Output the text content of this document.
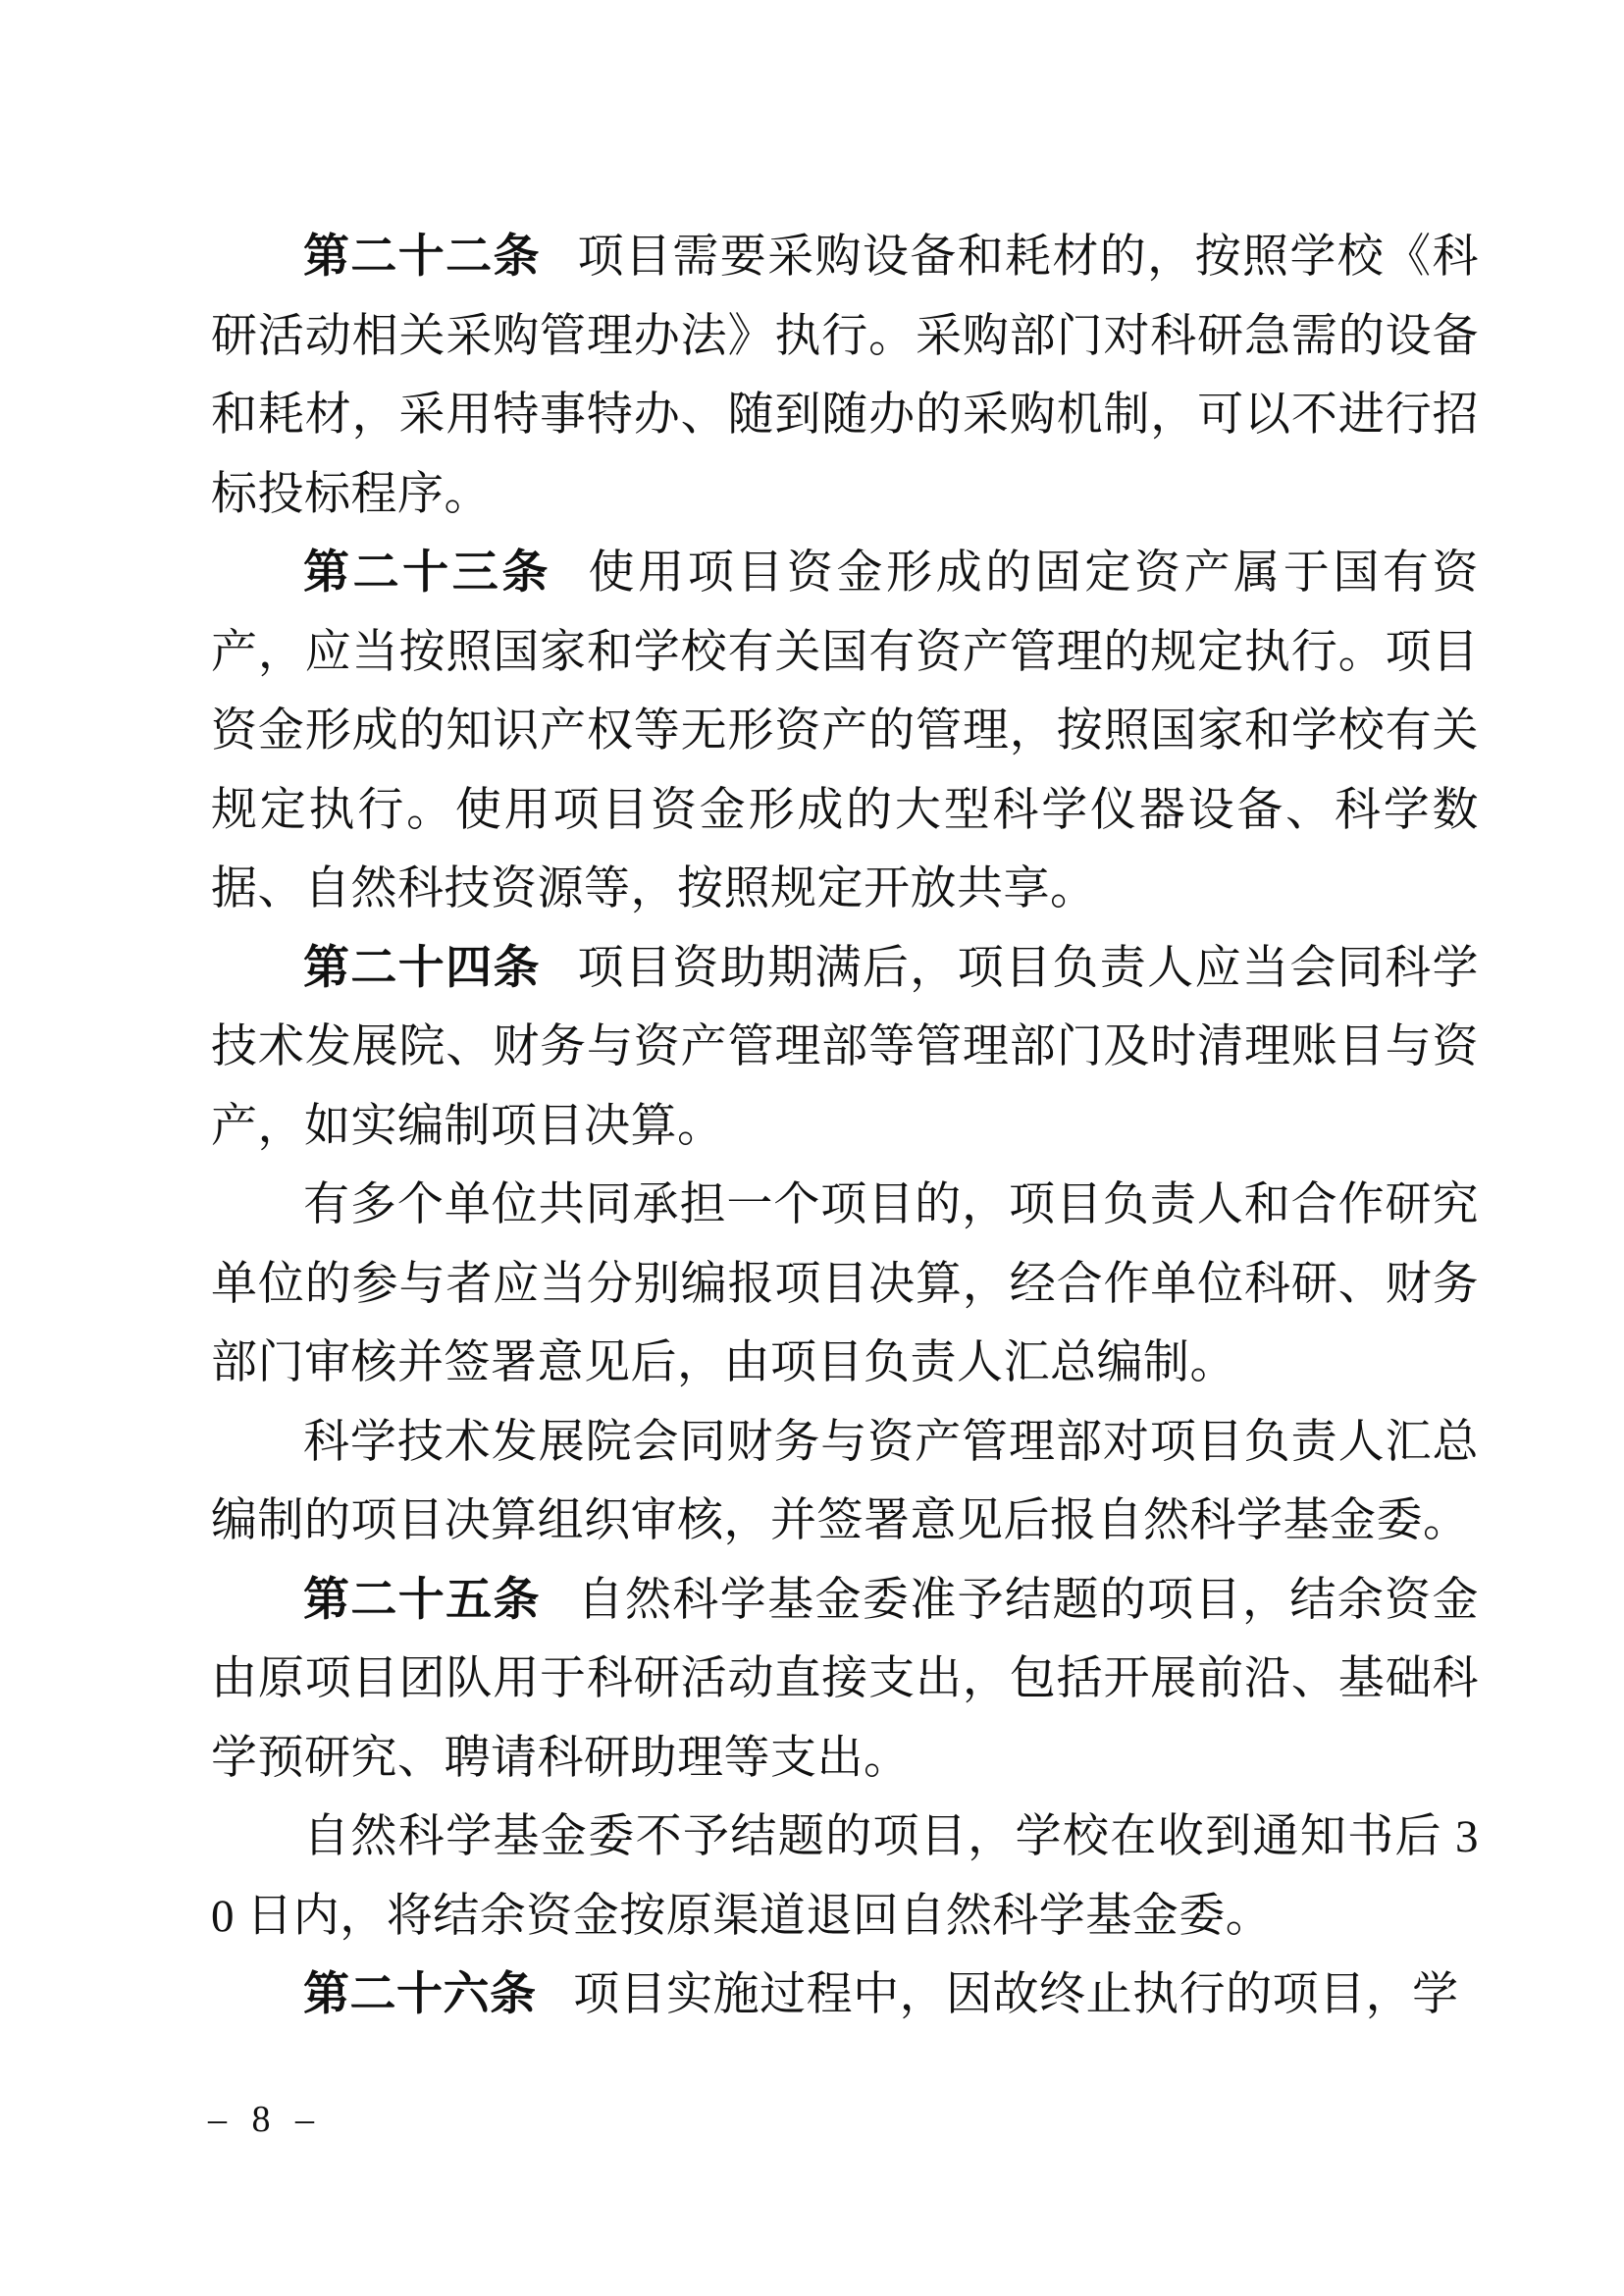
第二十二条 项目需要采购设备和耗材的，按照学校《科研活动相关采购管理办法》执行。采购部门对科研急需的设备和耗材，采用特事特办、随到随办的采购机制，可以不进行招标投标程序。

第二十三条 使用项目资金形成的固定资产属于国有资产，应当按照国家和学校有关国有资产管理的规定执行。项目资金形成的知识产权等无形资产的管理，按照国家和学校有关规定执行。使用项目资金形成的大型科学仪器设备、科学数据、自然科技资源等，按照规定开放共享。

第二十四条 项目资助期满后，项目负责人应当会同科学技术发展院、财务与资产管理部等管理部门及时清理账目与资产，如实编制项目决算。

有多个单位共同承担一个项目的，项目负责人和合作研究单位的参与者应当分别编报项目决算，经合作单位科研、财务部门审核并签署意见后，由项目负责人汇总编制。

科学技术发展院会同财务与资产管理部对项目负责人汇总编制的项目决算组织审核，并签署意见后报自然科学基金委。

第二十五条 自然科学基金委准予结题的项目，结余资金由原项目团队用于科研活动直接支出，包括开展前沿、基础科学预研究、聘请科研助理等支出。

自然科学基金委不予结题的项目，学校在收到通知书后 30 日内，将结余资金按原渠道退回自然科学基金委。

第二十六条 项目实施过程中，因故终止执行的项目，学

– 8 –
